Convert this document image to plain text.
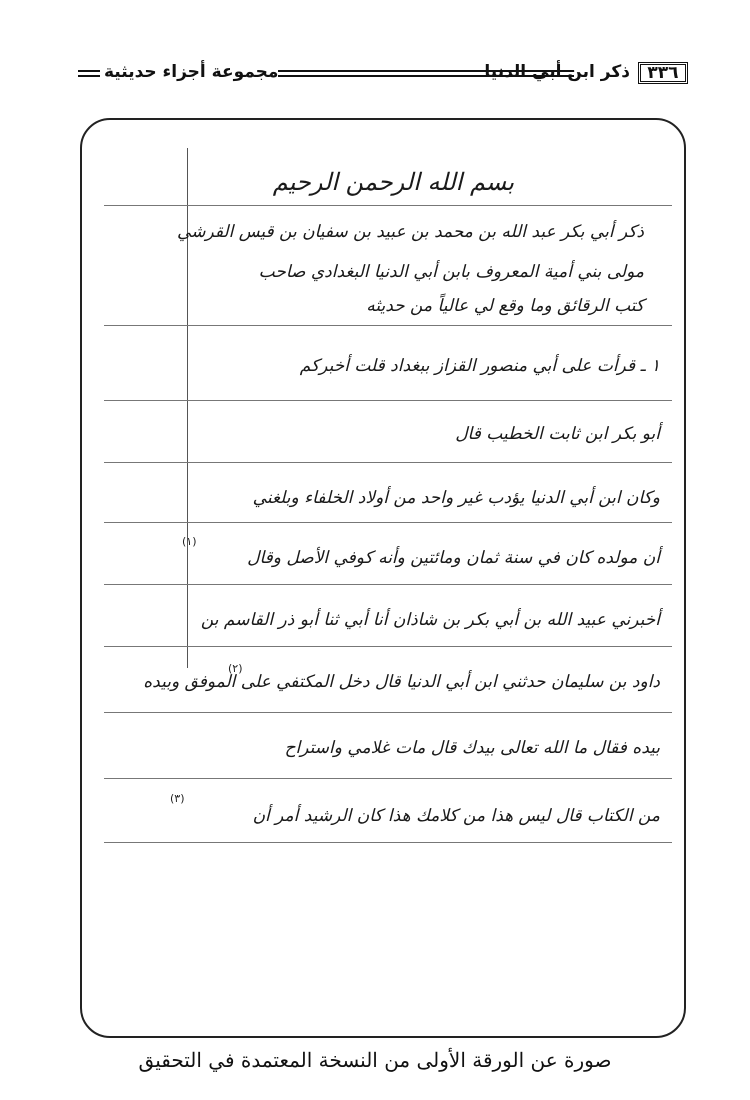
٣٣٦
ذكر ابن أبي الدنيا
مجموعة أجزاء حديثية
بسم الله الرحمن الرحيم
ذكر أبي بكر عبد الله بن محمد بن عبيد بن سفيان بن قيس القرشي
مولى بني أمية المعروف بابن أبي الدنيا البغدادي صاحب
كتب الرقائق وما وقع لي عالياً من حديثه
١ ـ قرأت على أبي منصور القزاز ببغداد قلت أخبركم
أبو بكر ابن ثابت الخطيب قال
وكان ابن أبي الدنيا يؤدب غير واحد من أولاد الخلفاء وبلغني
أن مولده كان في سنة ثمان ومائتين وأنه كوفي الأصل وقال
أخبرني عبيد الله بن أبي بكر بن شاذان أنا أبي ثنا أبو ذر القاسم بن
داود بن سليمان حدثني ابن أبي الدنيا قال دخل المكتفي على الموفق وبيده
بيده فقال ما الله تعالى بيدك قال مات غلامي واستراح
من الكتاب قال ليس هذا من كلامك هذا كان الرشيد أمر أن
(١)
(٢)
(٣)
صورة عن الورقة الأولى من النسخة المعتمدة في التحقيق
